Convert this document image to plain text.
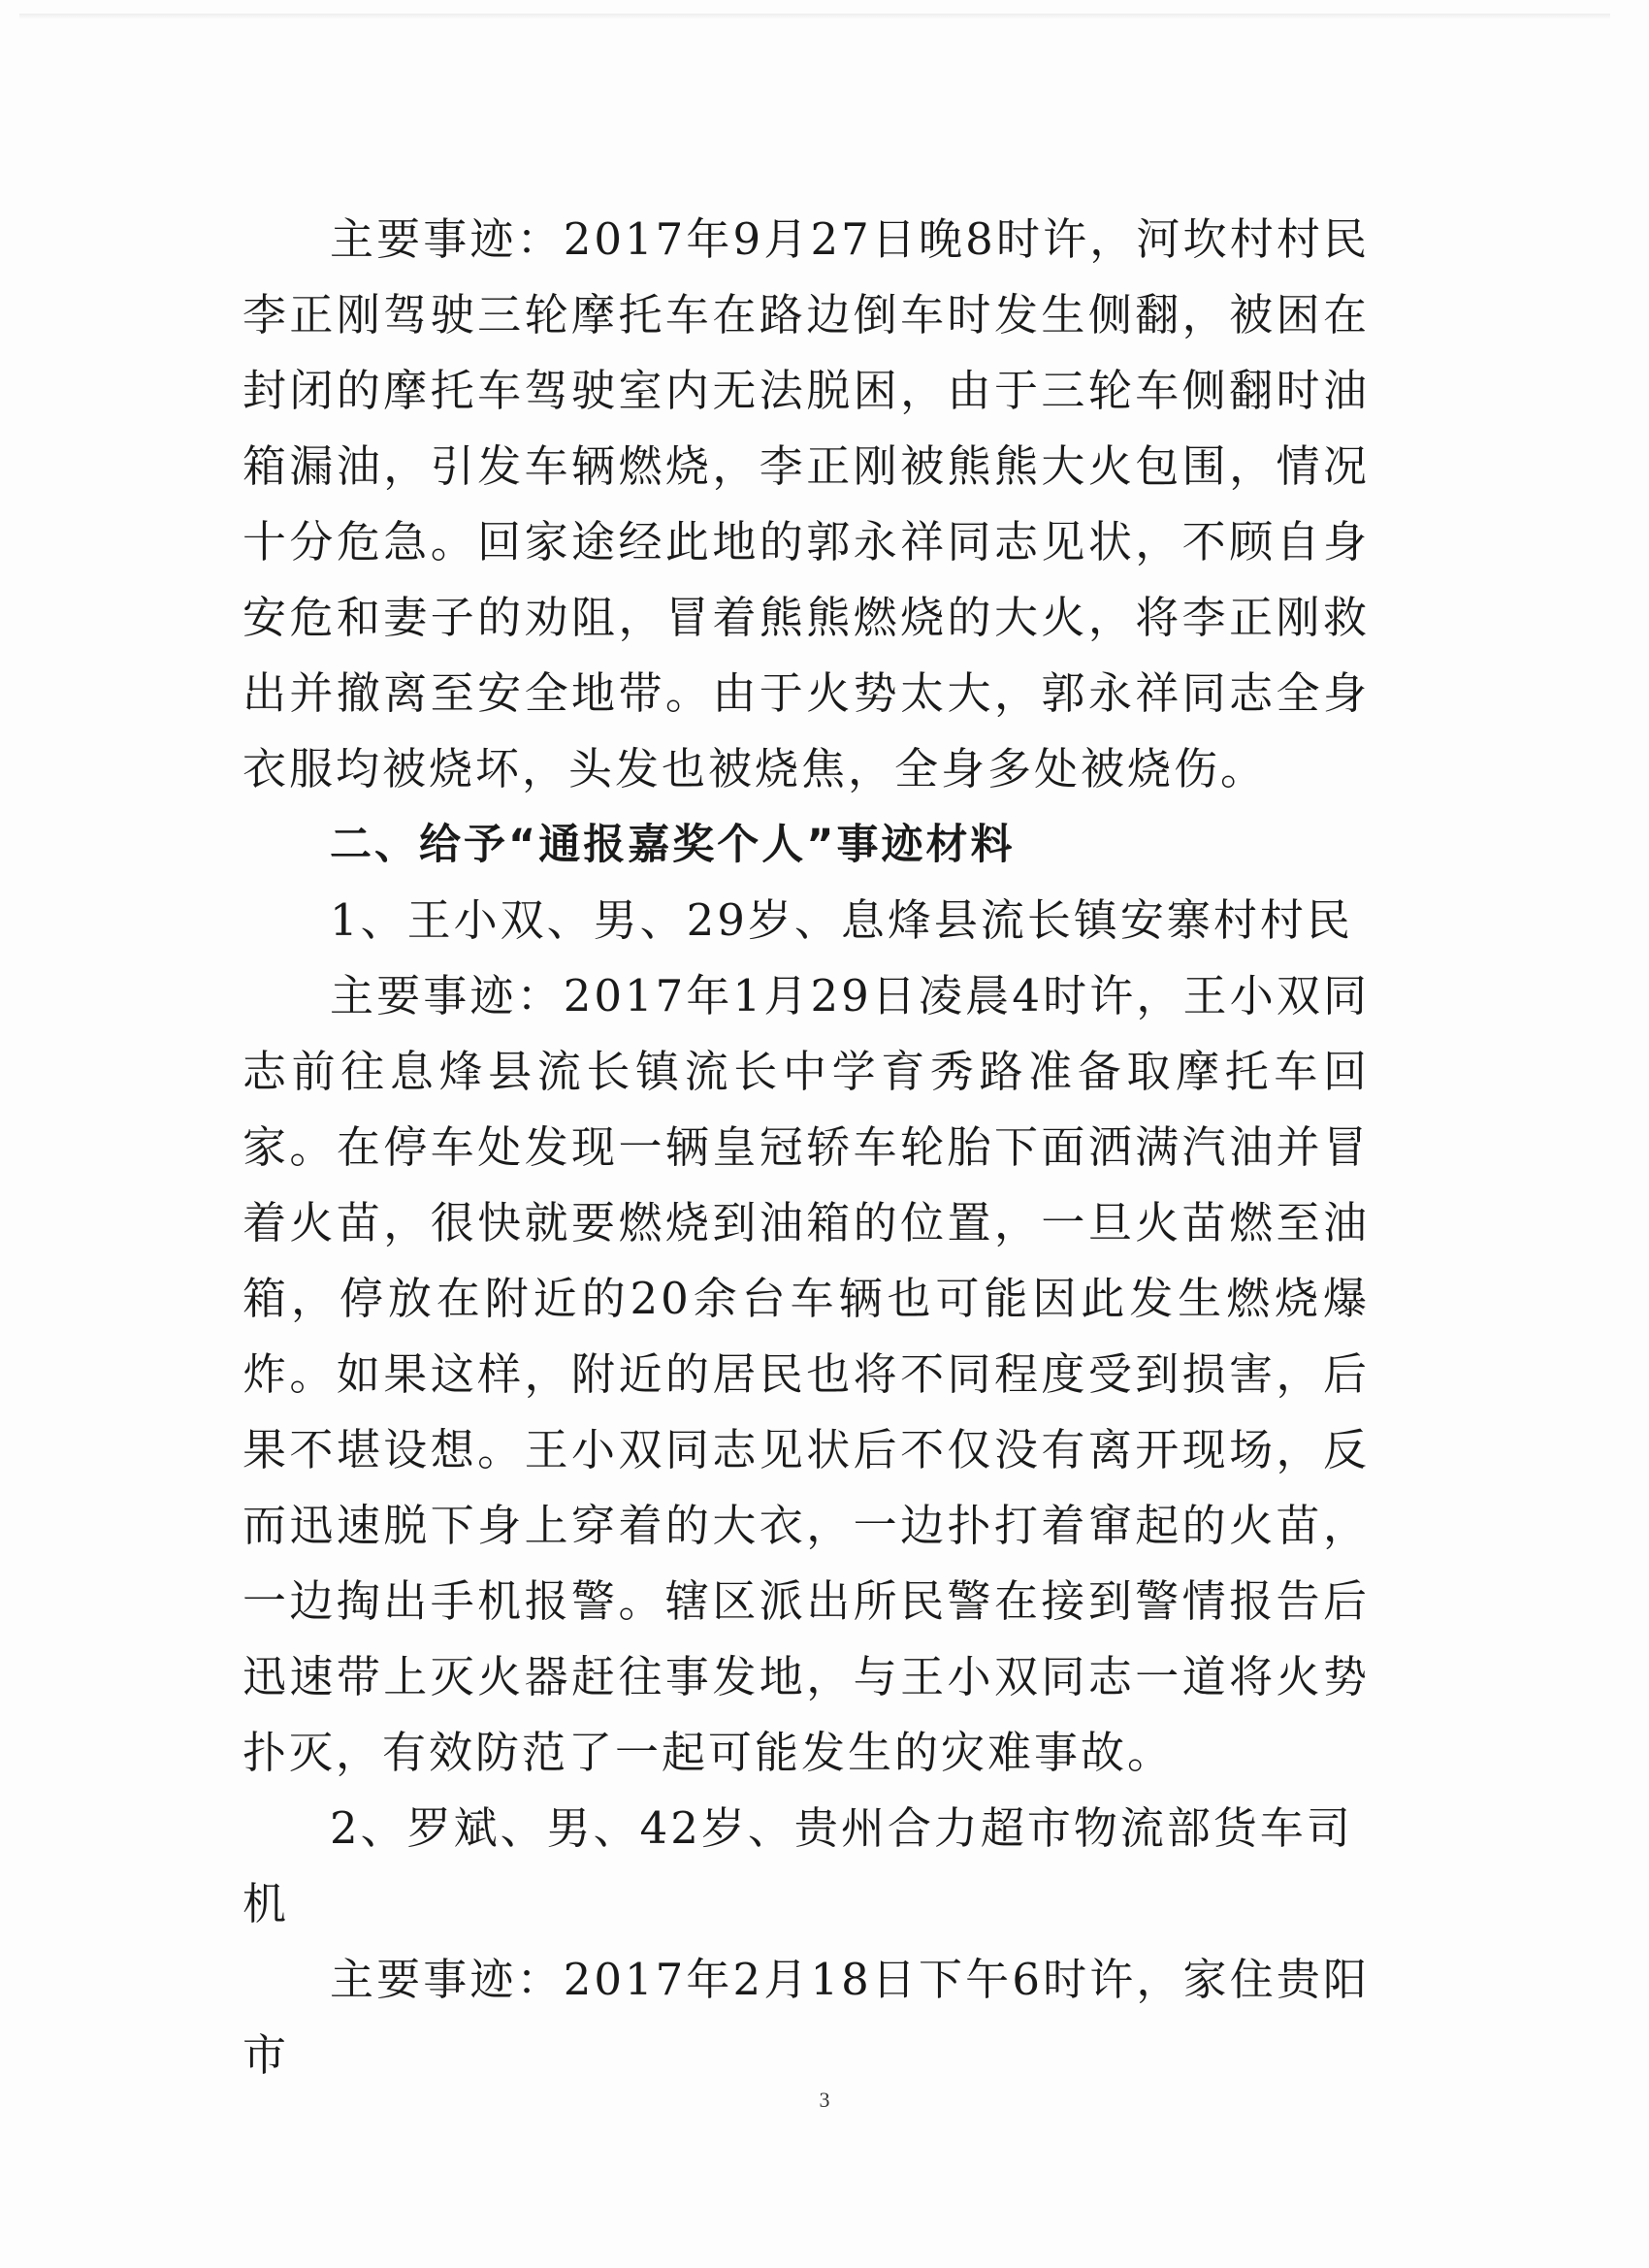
主要事迹：2017年9月27日晚8时许，河坎村村民李正刚驾驶三轮摩托车在路边倒车时发生侧翻，被困在封闭的摩托车驾驶室内无法脱困，由于三轮车侧翻时油箱漏油，引发车辆燃烧，李正刚被熊熊大火包围，情况十分危急。回家途经此地的郭永祥同志见状，不顾自身安危和妻子的劝阻，冒着熊熊燃烧的大火，将李正刚救出并撤离至安全地带。由于火势太大，郭永祥同志全身衣服均被烧坏，头发也被烧焦，全身多处被烧伤。

二、给予“通报嘉奖个人”事迹材料

1、王小双、男、29岁、息烽县流长镇安寨村村民

主要事迹：2017年1月29日凌晨4时许，王小双同志前往息烽县流长镇流长中学育秀路准备取摩托车回家。在停车处发现一辆皇冠轿车轮胎下面洒满汽油并冒着火苗，很快就要燃烧到油箱的位置，一旦火苗燃至油箱，停放在附近的20余台车辆也可能因此发生燃烧爆炸。如果这样，附近的居民也将不同程度受到损害，后果不堪设想。王小双同志见状后不仅没有离开现场，反而迅速脱下身上穿着的大衣，一边扑打着窜起的火苗，一边掏出手机报警。辖区派出所民警在接到警情报告后迅速带上灭火器赶往事发地，与王小双同志一道将火势扑灭，有效防范了一起可能发生的灾难事故。

2、罗斌、男、42岁、贵州合力超市物流部货车司机

主要事迹：2017年2月18日下午6时许，家住贵阳市

3
